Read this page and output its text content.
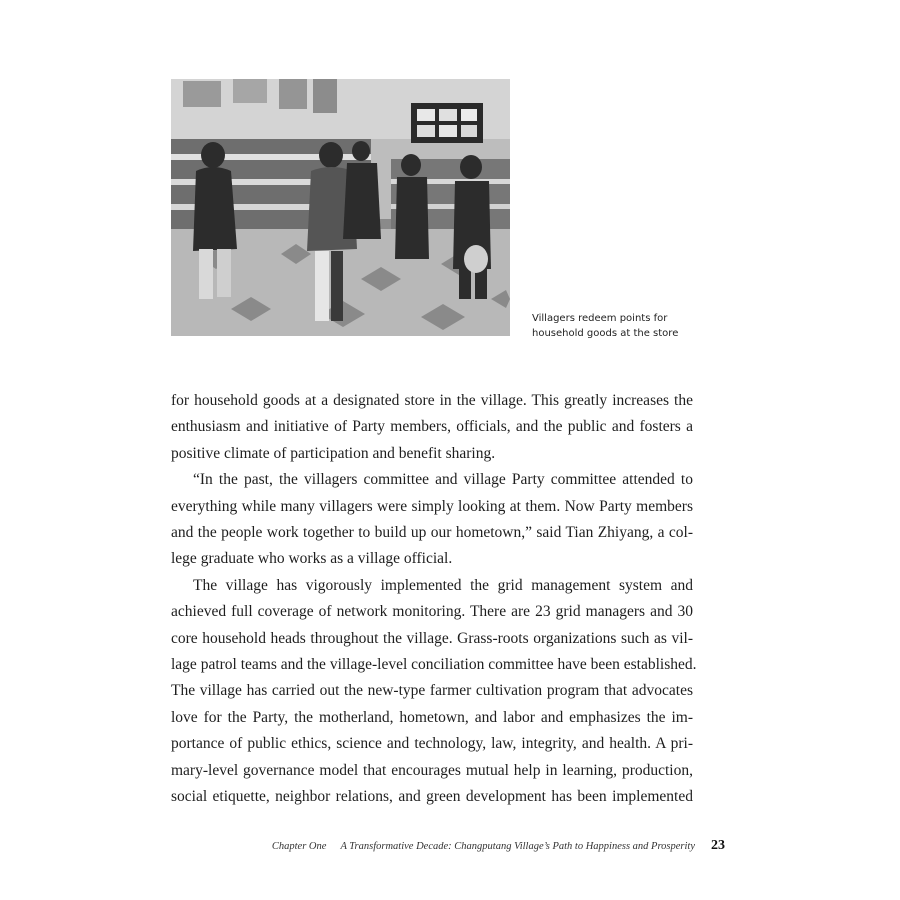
Villagers redeem points for
household goods at the store
for household goods at a designated store in the village. This greatly increases the
enthusiasm and initiative of Party members, officials, and the public and fosters a
positive climate of participation and benefit sharing.
“In the past, the villagers committee and village Party committee attended to
everything while many villagers were simply looking at them. Now Party members
and the people work together to build up our hometown,” said Tian Zhiyang, a col-
lege graduate who works as a village official.
The village has vigorously implemented the grid management system and
achieved full coverage of network monitoring. There are 23 grid managers and 30
core household heads throughout the village. Grass-roots organizations such as vil-
lage patrol teams and the village-level conciliation committee have been established.
The village has carried out the new-type farmer cultivation program that advocates
love for the Party, the motherland, hometown, and labor and emphasizes the im-
portance of public ethics, science and technology, law, integrity, and health. A pri-
mary-level governance model that encourages mutual help in learning, production,
social etiquette, neighbor relations, and green development has been implemented
Chapter One A Transformative Decade: Changputang Village’s Path to Happiness and Prosperity 23
